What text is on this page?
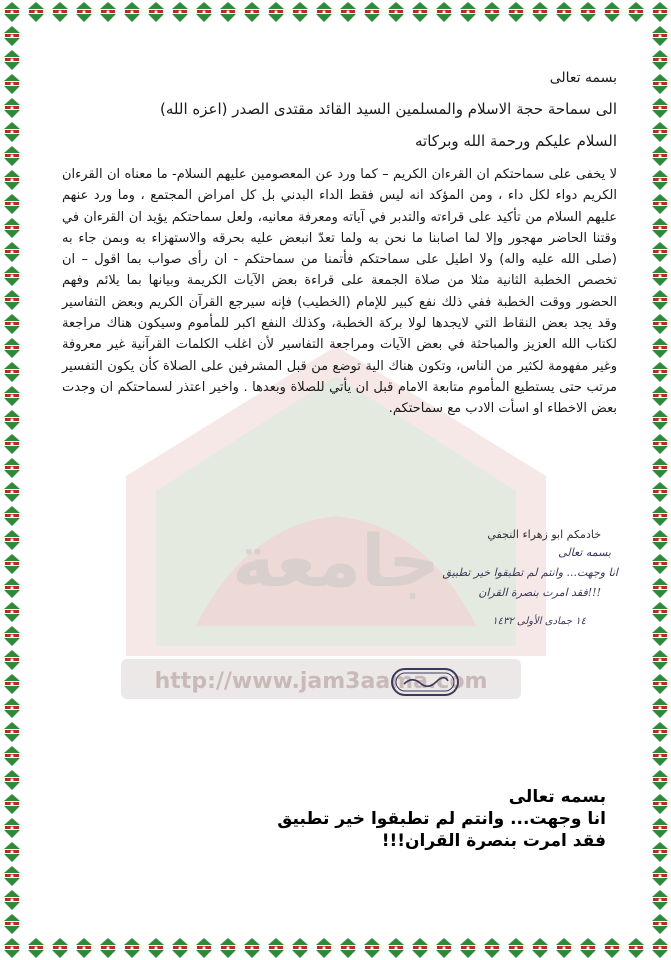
جامعة
http://www.jam3aama.com

بسمه تعالى

الى سماحة حجة الاسلام والمسلمين السيد القائد مقتدى الصدر (اعزه الله)

السلام عليكم ورحمة الله وبركاته

لا يخفى على سماحتكم ان القرءان الكريم – كما ورد عن المعصومين عليهم السلام- ما معناه ان القرءان الكريم دواء لكل داء ، ومن المؤكد انه ليس فقط الداء البدني بل كل امراض المجتمع ، وما ورد عنهم عليهم السلام من تأكيد على قراءته والتدبر في آياته ومعرفة معانيه، ولعل سماحتكم يؤيد ان القرءان في وقتنا الحاضر مهجور وإلا لما اصابنا ما نحن به ولما تعدّ انبعض عليه بحرقه والاستهزاء به وبمن جاء به (صلى الله عليه واله) ولا اطيل على سماحتكم فأتمنا من سماحتكم - ان رأى صواب بما اقول – ان تخصص الخطبة الثانية مثلا من صلاة الجمعة على قراءة بعض الآيات الكريمة وبيانها بما يلائم وفهم الحضور ووقت الخطبة ففي ذلك نفع كبير للإمام (الخطيب) فإنه سيرجع القرآن الكريم وبعض التفاسير وقد يجد بعض النقاط التي لايجدها لولا بركة الخطبة، وكذلك النفع اكبر للمأموم وسيكون هناك مراجعة لكتاب الله العزيز والمباحثة في بعض الآيات ومراجعة التفاسير لأن اغلب الكلمات القرآنية غير معروفة وغير مفهومة لكثير من الناس، وتكون هناك الية توضع من قبل المشرفين على الصلاة كأن يكون التفسير مرتب حتى يستطيع المأموم متابعة الامام قبل ان يأتي للصلاة وبعدها . واخير اعتذر لسماحتكم ان وجدت بعض الاخطاء او اسأت الادب مع سماحتكم.

خادمكم ابو زهراء النجفي
بسمه تعالى
انا وجهت... وانتم لم تطبقوا خير تطبيق
فقد امرت بنصرة القران!!!
١٤ جمادى الأولى ١٤٣٢
بسمه تعالى
انا وجهت... وانتم لم تطبقوا خير تطبيق
فقد امرت بنصرة القران!!!
